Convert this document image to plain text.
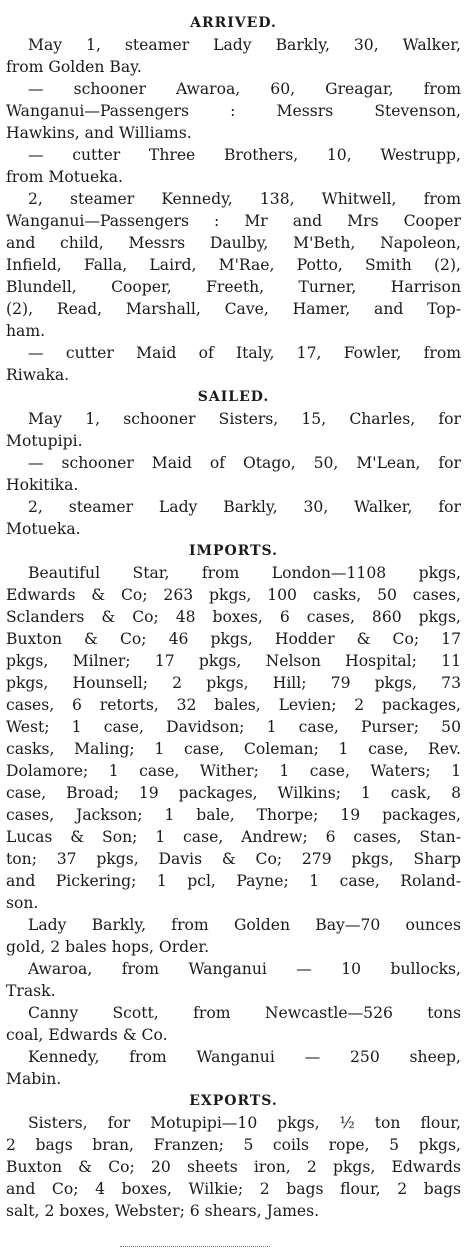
ARRIVED.

May 1, steamer Lady Barkly, 30, Walker,
from Golden Bay.
— schooner Awaroa, 60, Greagar, from
Wanganui—Passengers : Messrs Stevenson,
Hawkins, and Williams.
— cutter Three Brothers, 10, Westrupp,
from Motueka.
2, steamer Kennedy, 138, Whitwell, from
Wanganui—Passengers : Mr and Mrs Cooper
and child, Messrs Daulby, M'Beth, Napoleon,
Infield, Falla, Laird, M'Rae, Potto, Smith (2),
Blundell, Cooper, Freeth, Turner, Harrison
(2), Read, Marshall, Cave, Hamer, and Top-
ham.
— cutter Maid of Italy, 17, Fowler, from
Riwaka.

SAILED.

May 1, schooner Sisters, 15, Charles, for
Motupipi.
— schooner Maid of Otago, 50, M'Lean, for
Hokitika.
2, steamer Lady Barkly, 30, Walker, for
Motueka.

IMPORTS.

Beautiful Star, from London—1108 pkgs,
Edwards & Co; 263 pkgs, 100 casks, 50 cases,
Sclanders & Co; 48 boxes, 6 cases, 860 pkgs,
Buxton & Co; 46 pkgs, Hodder & Co; 17
pkgs, Milner; 17 pkgs, Nelson Hospital; 11
pkgs, Hounsell; 2 pkgs, Hill; 79 pkgs, 73
cases, 6 retorts, 32 bales, Levien; 2 packages,
West; 1 case, Davidson; 1 case, Purser; 50
casks, Maling; 1 case, Coleman; 1 case, Rev.
Dolamore; 1 case, Wither; 1 case, Waters; 1
case, Broad; 19 packages, Wilkins; 1 cask, 8
cases, Jackson; 1 bale, Thorpe; 19 packages,
Lucas & Son; 1 case, Andrew; 6 cases, Stan-
ton; 37 pkgs, Davis & Co; 279 pkgs, Sharp
and Pickering; 1 pcl, Payne; 1 case, Roland-
son.
Lady Barkly, from Golden Bay—70 ounces
gold, 2 bales hops, Order.
Awaroa, from Wanganui — 10 bullocks,
Trask.
Canny Scott, from Newcastle—526 tons
coal, Edwards & Co.
Kennedy, from Wanganui — 250 sheep,
Mabin.

EXPORTS.

Sisters, for Motupipi—10 pkgs, ½ ton flour,
2 bags bran, Franzen; 5 coils rope, 5 pkgs,
Buxton & Co; 20 sheets iron, 2 pkgs, Edwards
and Co; 4 boxes, Wilkie; 2 bags flour, 2 bags
salt, 2 boxes, Webster; 6 shears, James.
